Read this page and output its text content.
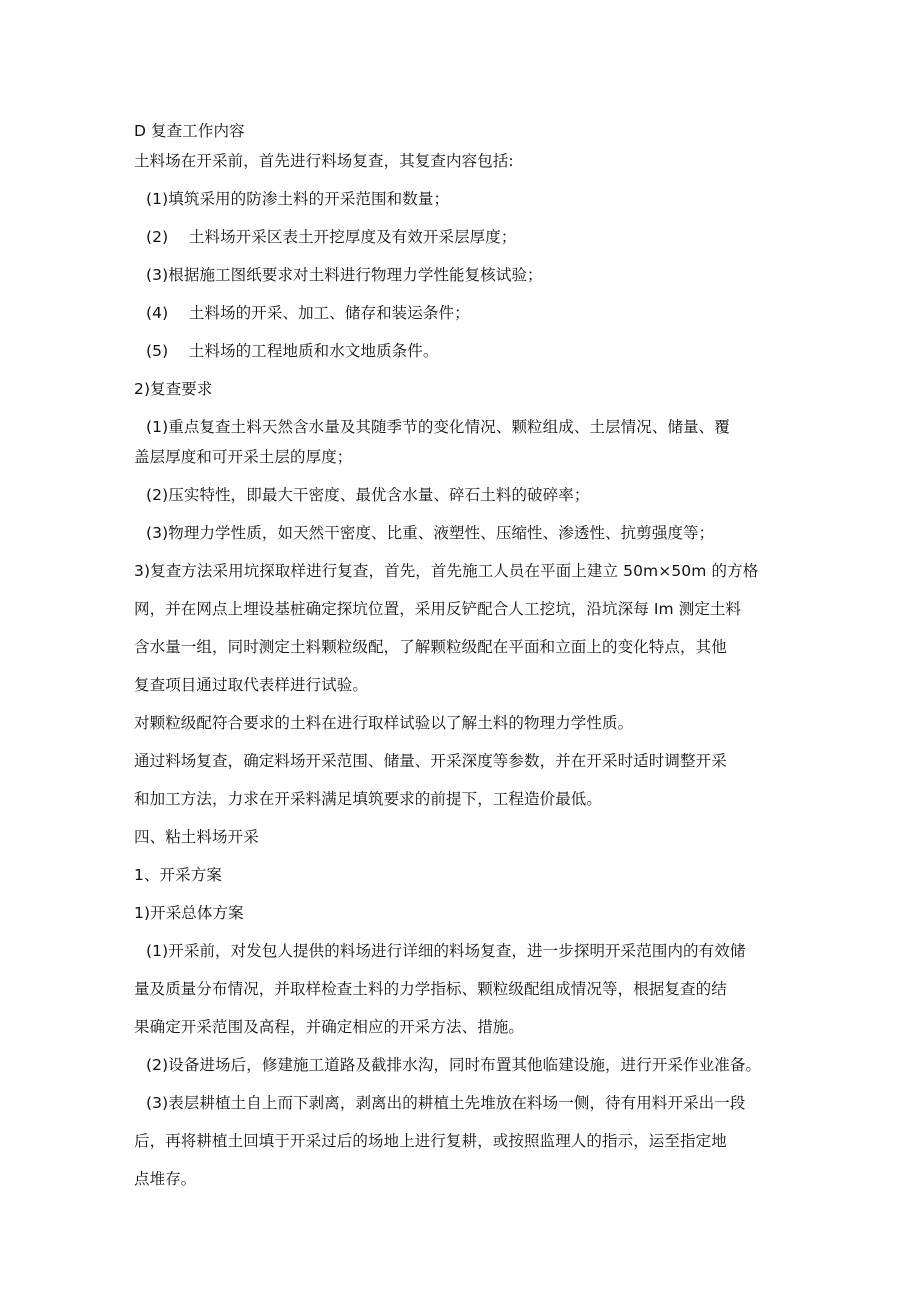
D 复查工作内容
土料场在开采前，首先进行料场复查，其复查内容包括:
(1)填筑采用的防渗土料的开采范围和数量；
(2)　 土料场开采区表土开挖厚度及有效开采层厚度；
(3)根据施工图纸要求对土料进行物理力学性能复核试验；
(4)　 土料场的开采、加工、储存和装运条件；
(5)　 土料场的工程地质和水文地质条件。
2)复查要求
(1)重点复查土料天然含水量及其随季节的变化情况、颗粒组成、土层情况、储量、覆
盖层厚度和可开采土层的厚度；
(2)压实特性，即最大干密度、最优含水量、碎石土料的破碎率；
(3)物理力学性质，如天然干密度、比重、液塑性、压缩性、渗透性、抗剪强度等；
3)复查方法采用坑探取样进行复查，首先，首先施工人员在平面上建立 50m×50m 的方格
网，并在网点上埋设基桩确定探坑位置，采用反铲配合人工挖坑，沿坑深每 Im 测定土料
含水量一组，同时测定土料颗粒级配，了解颗粒级配在平面和立面上的变化特点，其他
复查项目通过取代表样进行试验。
对颗粒级配符合要求的土料在进行取样试验以了解土料的物理力学性质。
通过料场复查，确定料场开采范围、储量、开采深度等参数，并在开采时适时调整开采
和加工方法，力求在开采料满足填筑要求的前提下，工程造价最低。
四、粘土料场开采
1、开采方案
1)开采总体方案
(1)开采前，对发包人提供的料场进行详细的料场复查，进一步探明开采范围内的有效储
量及质量分布情况，并取样检查土料的力学指标、颗粒级配组成情况等，根据复查的结
果确定开采范围及高程，并确定相应的开采方法、措施。
(2)设备进场后，修建施工道路及截排水沟，同时布置其他临建设施，进行开采作业准备。
(3)表层耕植土自上而下剥离，剥离出的耕植土先堆放在料场一侧，待有用料开采出一段
后，再将耕植土回填于开采过后的场地上进行复耕，或按照监理人的指示，运至指定地
点堆存。
